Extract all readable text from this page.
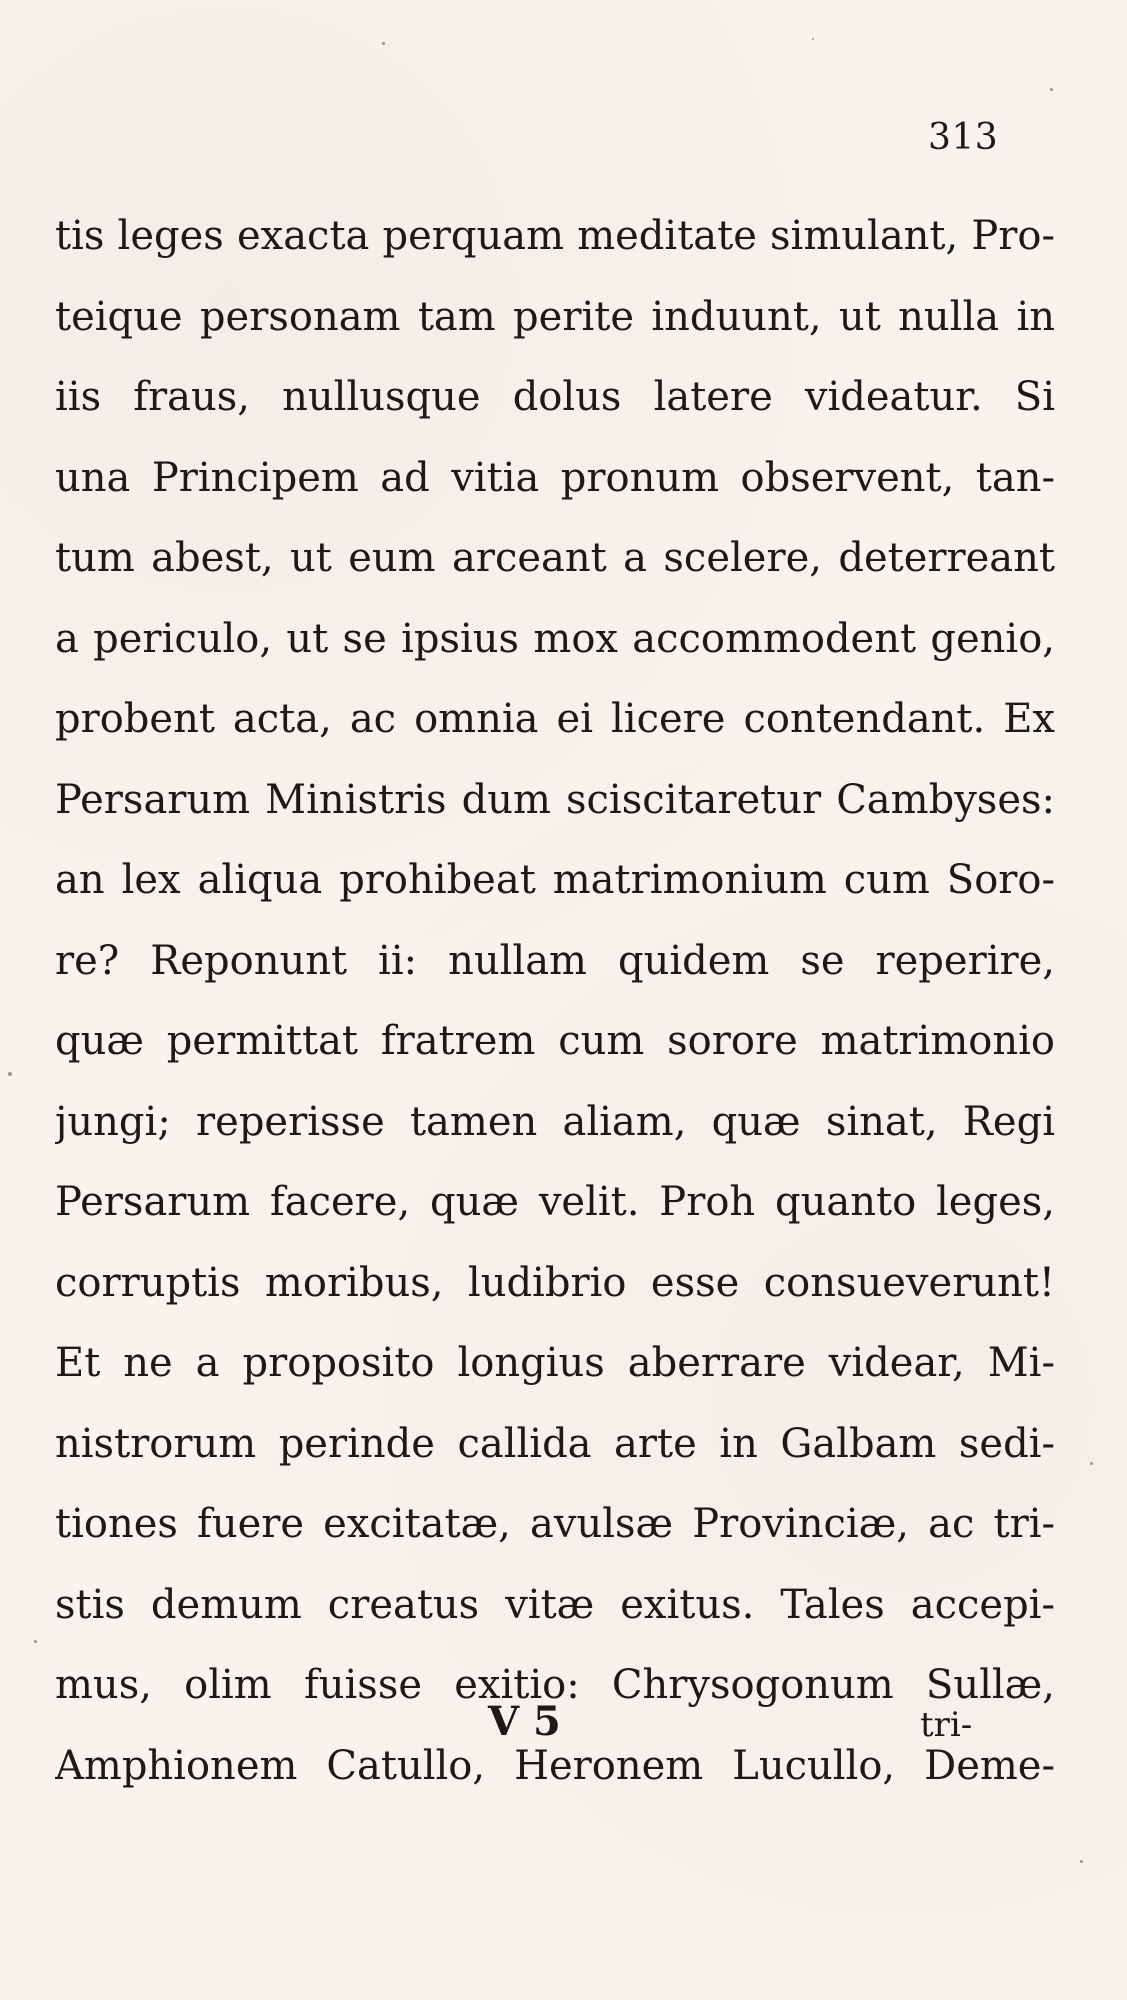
313
tis leges exacta perquam meditate simulant, Pro-
teique personam tam perite induunt, ut nulla in
iis fraus, nullusque dolus latere videatur. Si
una Principem ad vitia pronum observent, tan-
tum abest, ut eum arceant a scelere, deterreant
a periculo, ut se ipsius mox accommodent genio,
probent acta, ac omnia ei licere contendant. Ex
Persarum Ministris dum sciscitaretur Cambyses:
an lex aliqua prohibeat matrimonium cum Soro-
re? Reponunt ii: nullam quidem se reperire,
quæ permittat fratrem cum sorore matrimonio
jungi; reperisse tamen aliam, quæ sinat, Regi
Persarum facere, quæ velit. Proh quanto leges,
corruptis moribus, ludibrio esse consueverunt!
Et ne a proposito longius aberrare videar, Mi-
nistrorum perinde callida arte in Galbam sedi-
tiones fuere excitatæ, avulsæ Provinciæ, ac tri-
stis demum creatus vitæ exitus. Tales accepi-
mus, olim fuisse exitio: Chrysogonum Sullæ,
Amphionem Catullo, Heronem Lucullo, Deme-
V 5	tri-
